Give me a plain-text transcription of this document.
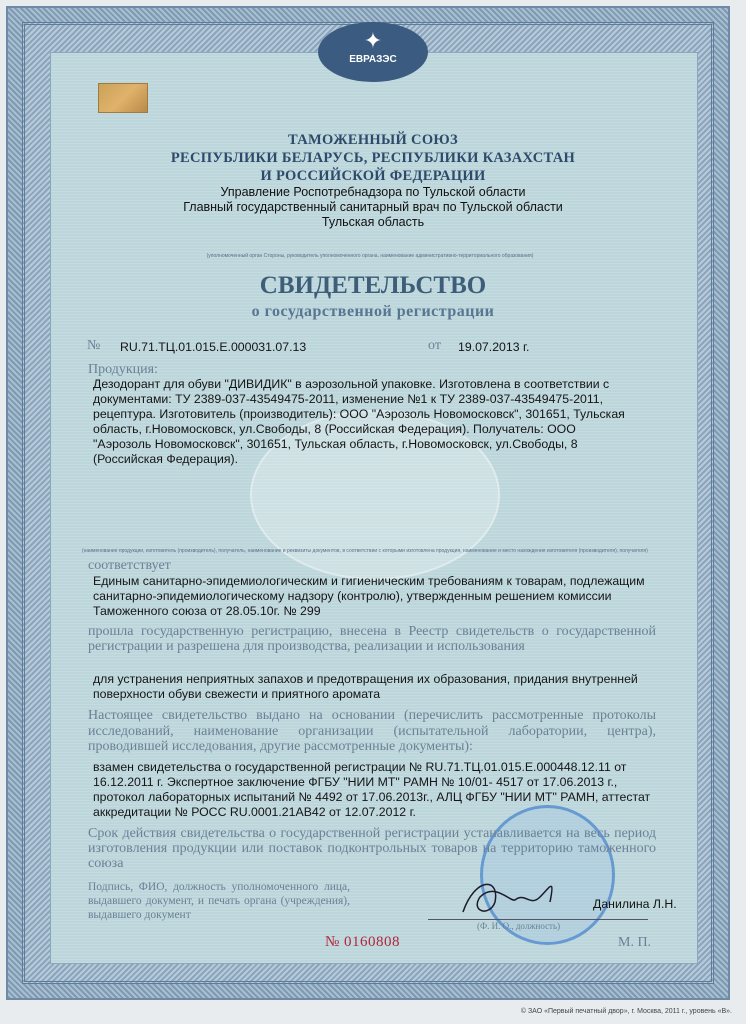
✦
ЕВРАЗЭС
ТАМОЖЕННЫЙ СОЮЗ
РЕСПУБЛИКИ БЕЛАРУСЬ, РЕСПУБЛИКИ КАЗАХСТАН
И РОССИЙСКОЙ ФЕДЕРАЦИИ
Управление Роспотребнадзора по Тульской области
Главный государственный санитарный врач по Тульской области
Тульская область
(уполномоченный орган Стороны, руководитель уполномоченного органа, наименование административно-территориального образования)
СВИДЕТЕЛЬСТВО
о государственной регистрации
№ RU.71.ТЦ.01.015.Е.000031.07.13	от 19.07.2013 г.
Продукция:
Дезодорант для обуви "ДИВИДИК" в аэрозольной упаковке. Изготовлена в соответствии с документами: ТУ 2389-037-43549475-2011, изменение №1 к ТУ 2389-037-43549475-2011, рецептура. Изготовитель (производитель): ООО "Аэрозоль Новомосковск", 301651, Тульская область, г.Новомосковск, ул.Свободы, 8 (Российская Федерация). Получатель: ООО "Аэрозоль Новомосковск", 301651, Тульская область, г.Новомосковск, ул.Свободы, 8 (Российская Федерация).
(наименование продукции, изготовитель (производитель), получатель, наименование и реквизиты документов, в соответствии с которыми изготовлена продукция, наименование и место нахождения изготовителя (производителя), получателя)
соответствует
Единым санитарно-эпидемиологическим и гигиеническим требованиям к товарам, подлежащим санитарно-эпидемиологическому надзору (контролю), утвержденным решением комиссии Таможенного союза от 28.05.10г. № 299
прошла государственную регистрацию, внесена в Реестр свидетельств о государственной регистрации и разрешена для производства, реализации и использования
для устранения неприятных запахов и предотвращения их образования, придания внутренней поверхности обуви свежести и приятного аромата
Настоящее свидетельство выдано на основании (перечислить рассмотренные протоколы исследований, наименование организации (испытательной лаборатории, центра), проводившей исследования, другие рассмотренные документы):
взамен свидетельства о государственной регистрации № RU.71.ТЦ.01.015.Е.000448.12.11 от 16.12.2011 г. Экспертное заключение ФГБУ "НИИ МТ" РАМН № 10/01- 4517 от 17.06.2013 г., протокол лабораторных испытаний № 4492 от 17.06.2013г., АЛЦ ФГБУ "НИИ МТ" РАМН, аттестат аккредитации № РОСС RU.0001.21АВ42 от 12.07.2012 г.
Срок действия свидетельства о государственной регистрации устанавливается на весь период изготовления продукции или поставок подконтрольных товаров на территорию таможенного союза
Подпись, ФИО, должность уполномоченного лица, выдавшего документ, и печать органа (учреждения), выдавшего документ
Данилина Л.Н.
(Ф. И. О., должность)
М. П.
№ 0160808
© ЗАО «Первый печатный двор», г. Москва, 2011 г., уровень «В».
